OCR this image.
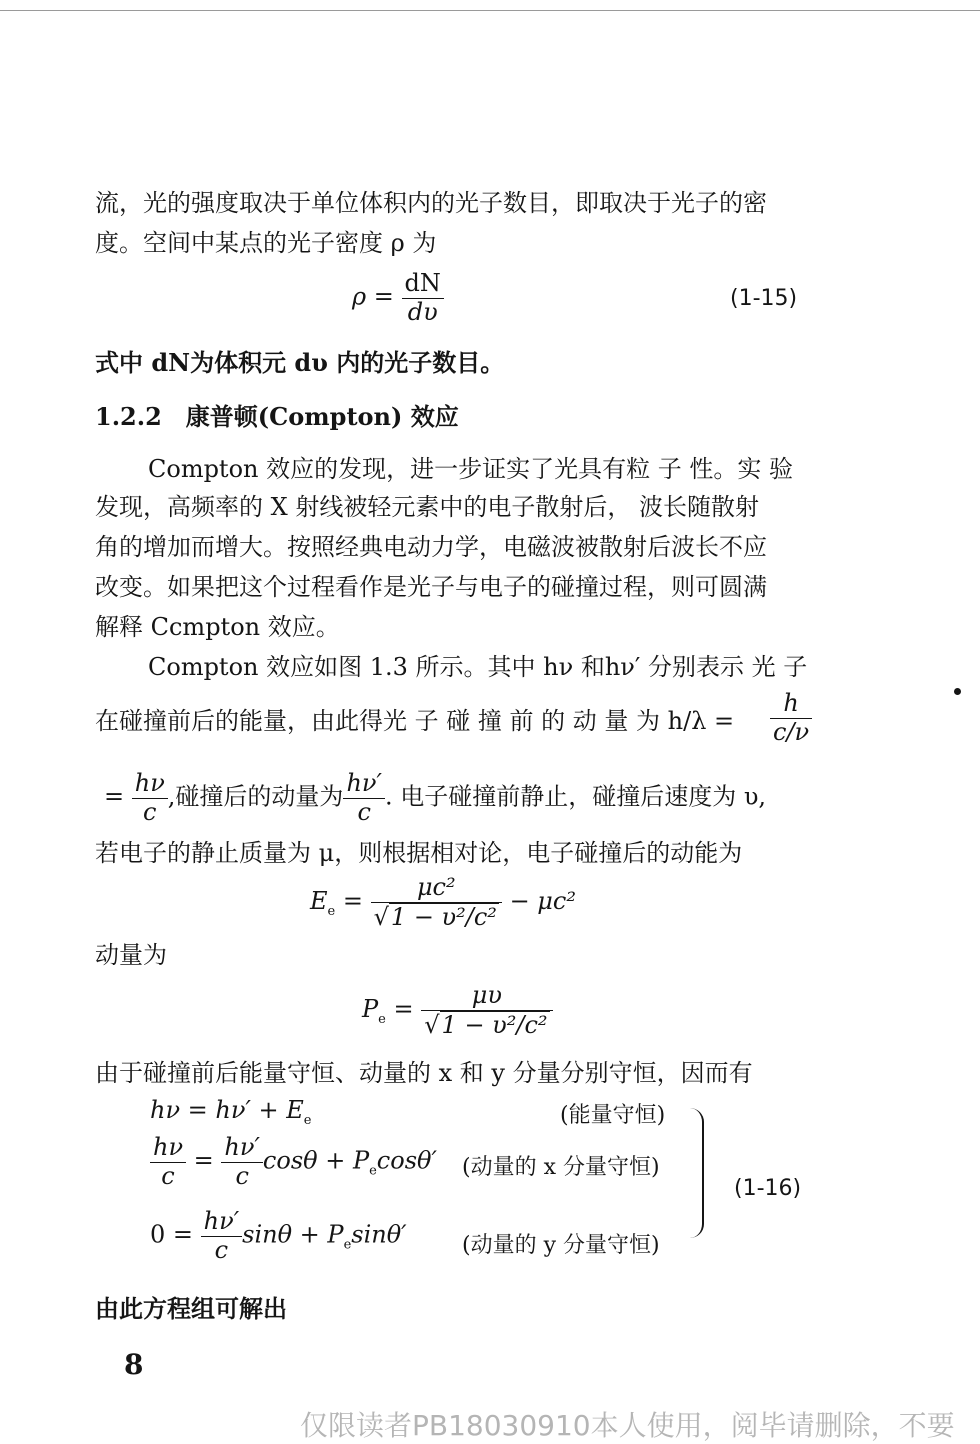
流，光的强度取决于单位体积内的光子数目，即取决于光子的密
度。空间中某点的光子密度 ρ 为
$\rho = \frac{dN}{d\upsilon}$	(1-15)
式中 dN为体积元 dυ 内的光子数目。
1.2.2　康普顿(Compton) 效应
Compton 效应的发现，进一步证实了光具有粒 子 性。实 验
发现，高频率的 X 射线被轻元素中的电子散射后， 波长随散射
角的增加而增大。按照经典电动力学，电磁波被散射后波长不应
改变。如果把这个过程看作是光子与电子的碰撞过程，则可圆满
解释 Ccmpton 效应。
Compton 效应如图 1.3 所示。其中 hν 和hν′ 分别表示 光 子
在碰撞前后的能量，由此得光 子 碰 撞 前 的 动 量 为 $h/\lambda = \frac{h}{c/\nu}$
= $\frac{h\nu}{c}$ ,碰撞后的动量为 $\frac{h\nu'}{c}$ . 电子碰撞前静止，碰撞后速度为 υ,
若电子的静止质量为 μ，则根据相对论，电子碰撞后的动能为
$E_e = \frac{\text{μc²}}{\text{√1 − υ²/c²}} - \mu c^2$
动量为
$P_e = \frac{\mu\upsilon}{\text{√1 − υ²/c²}}$
由于碰撞前后能量守恒、动量的 x 和 y 分量分别守恒，因而有
$h\nu = h\nu' + E_e$	(能量守恒)
$\frac{h\nu}{c} = \frac{h\nu'}{c}$ $\cos\theta + P_e\cos\theta'$ (动量的 x 分量守恒)
$0 = \frac{h\nu'}{c}$ $\sin\theta + P_e\sin\theta'$	(动量的 y 分量守恒)
(1-16)
由此方程组可解出
8
仅限读者PB18030910本人使用，阅毕请删除，不要
